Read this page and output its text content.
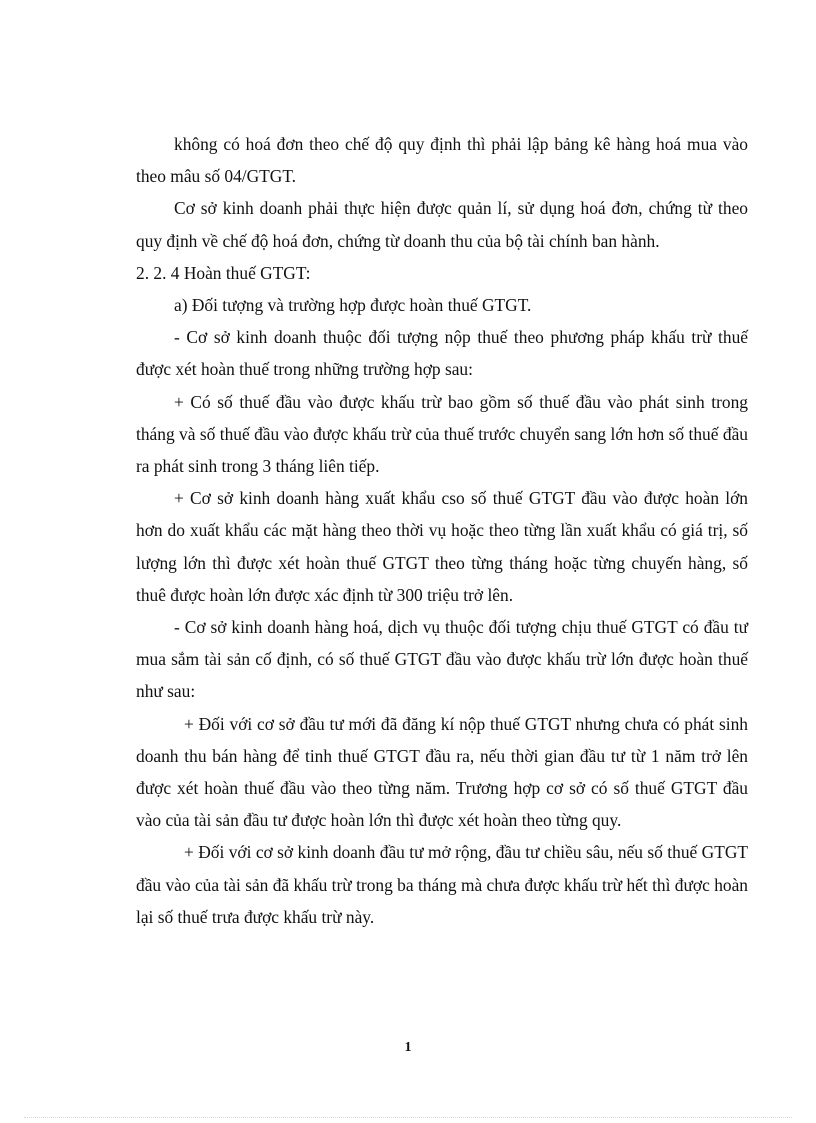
không có hoá đơn theo chế độ quy định thì phải lập bảng kê hàng hoá mua vào theo mâu số 04/GTGT.

Cơ sở kinh doanh phải thực hiện được quản lí, sử dụng hoá đơn, chứng từ theo quy định về chế độ hoá đơn, chứng từ doanh thu của bộ tài chính ban hành.

2. 2. 4 Hoàn thuế GTGT:

a) Đối tượng và trường hợp được hoàn thuế GTGT.

- Cơ sở kinh doanh thuộc đối tượng nộp thuế theo phương pháp khấu trừ thuế được xét hoàn thuế trong những trường hợp sau:

+ Có số thuế đầu vào được khấu trừ bao gồm số thuế đầu vào phát sinh trong tháng và số thuế đầu vào được khấu trừ của thuế trước chuyển sang lớn hơn số thuế đầu ra phát sinh trong 3 tháng liên tiếp.

+ Cơ sở kinh doanh hàng xuất khẩu cso số thuế GTGT đầu vào được hoàn lớn hơn do xuất khẩu các mặt hàng theo thời vụ hoặc theo từng lần xuất khẩu có giá trị, số lượng lớn thì được xét hoàn thuế GTGT theo từng tháng hoặc từng chuyến hàng, số thuê được hoàn lớn được xác định từ 300 triệu trở lên.

- Cơ sở kinh doanh hàng hoá, dịch vụ thuộc đối tượng chịu thuế GTGT có đầu tư mua sắm tài sản cố định, có số thuế GTGT đầu vào được khấu trừ lớn được hoàn thuế như sau:

+ Đối với cơ sở đầu tư mới đã đăng kí nộp thuế GTGT nhưng chưa có phát sinh doanh thu bán hàng để tinh thuế GTGT đầu ra, nếu thời gian đầu tư từ 1 năm trở lên được xét hoàn thuế đầu vào theo từng năm. Trương hợp cơ sở có số thuế GTGT đầu vào của tài sản đầu tư được hoàn lớn thì được xét hoàn theo từng quy.

+ Đối với cơ sở kinh doanh đầu tư mở rộng, đầu tư chiều sâu, nếu số thuế GTGT đầu vào của tài sản đã khấu trừ trong ba tháng mà chưa được khấu trừ hết thì được hoàn lại số thuế trưa được khấu trừ này.

1
